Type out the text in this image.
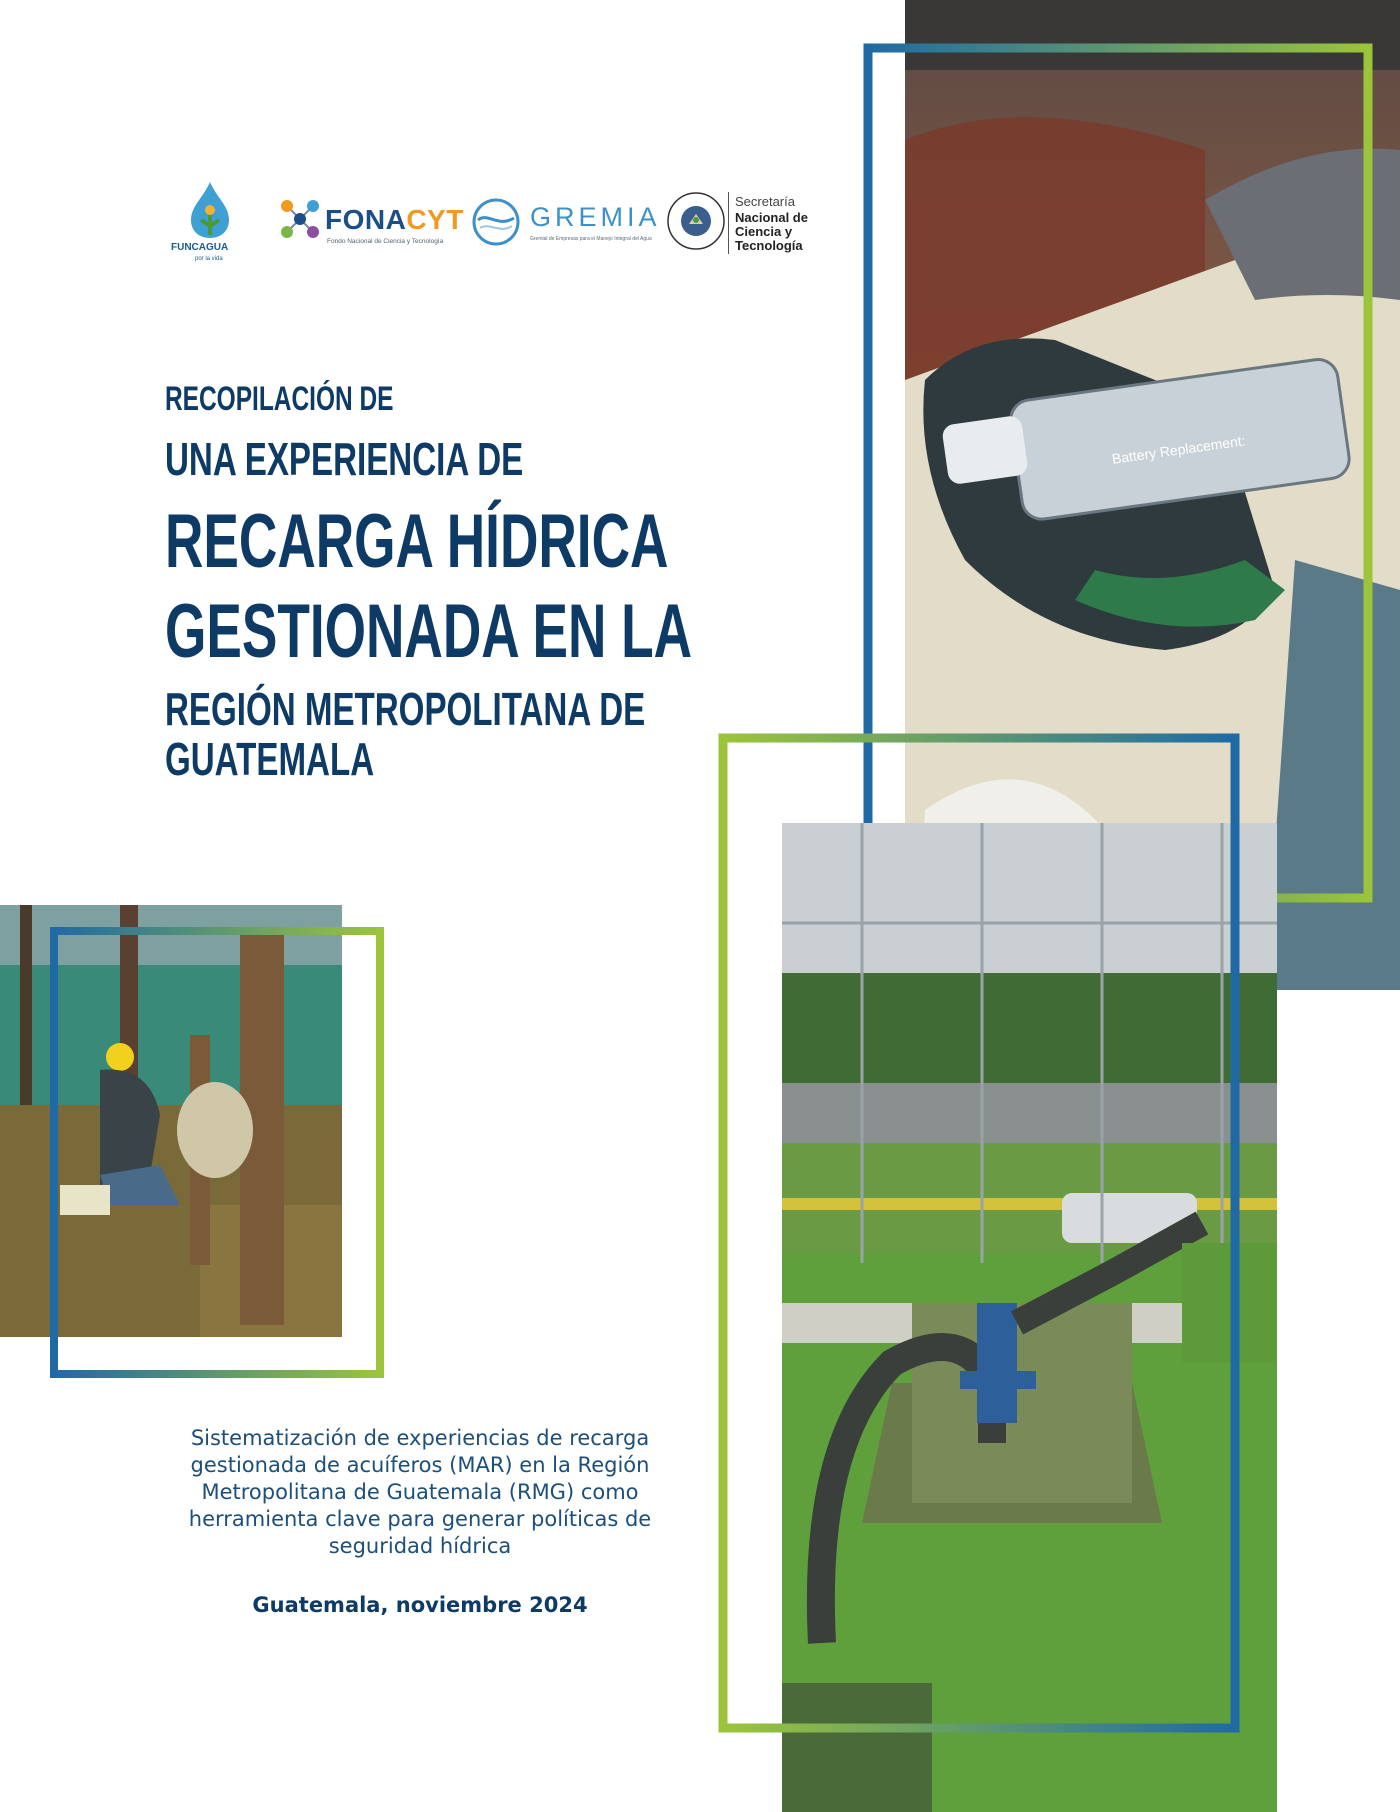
FUNCAGUA
por la vida
FONACYT
Fondo Nacional de Ciencia y Tecnología
GREMIA
Gremial de Empresas para el Manejo Integral del Agua
Secretaría
Nacional de
Ciencia y
Tecnología
RECOPILACIÓN DE
UNA EXPERIENCIA DE
RECARGA HÍDRICA
GESTIONADA EN LA
REGIÓN METROPOLITANA DE
GUATEMALA
Battery Replacement:
Sistematización de experiencias de recarga gestionada de acuíferos (MAR) en la Región Metropolitana de Guatemala (RMG) como herramienta clave para generar políticas de seguridad hídrica
Guatemala, noviembre 2024
